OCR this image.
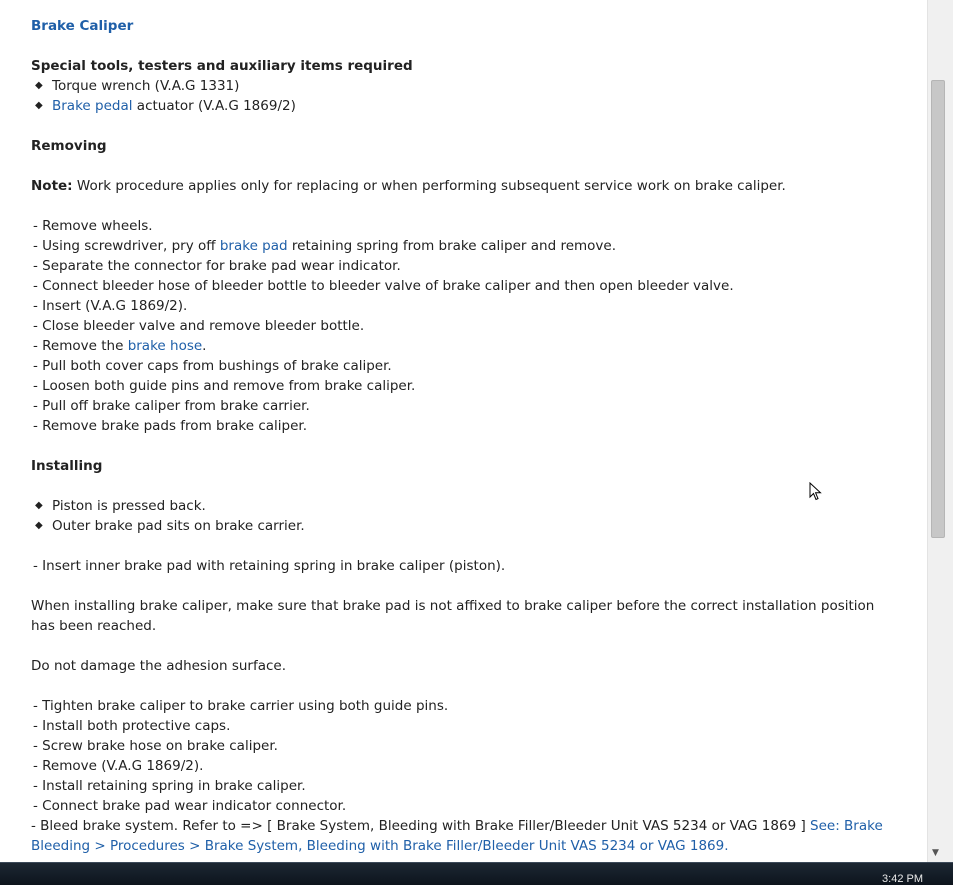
Brake Caliper
Special tools, testers and auxiliary items required
◆ Torque wrench (V.A.G 1331)
◆ Brake pedal actuator (V.A.G 1869/2)
Removing
Note: Work procedure applies only for replacing or when performing subsequent service work on brake caliper.
- Remove wheels.
- Using screwdriver, pry off brake pad retaining spring from brake caliper and remove.
- Separate the connector for brake pad wear indicator.
- Connect bleeder hose of bleeder bottle to bleeder valve of brake caliper and then open bleeder valve.
- Insert (V.A.G 1869/2).
- Close bleeder valve and remove bleeder bottle.
- Remove the brake hose.
- Pull both cover caps from bushings of brake caliper.
- Loosen both guide pins and remove from brake caliper.
- Pull off brake caliper from brake carrier.
- Remove brake pads from brake caliper.
Installing
◆ Piston is pressed back.
◆ Outer brake pad sits on brake carrier.
- Insert inner brake pad with retaining spring in brake caliper (piston).
When installing brake caliper, make sure that brake pad is not affixed to brake caliper before the correct installation position has been reached.
Do not damage the adhesion surface.
- Tighten brake caliper to brake carrier using both guide pins.
- Install both protective caps.
- Screw brake hose on brake caliper.
- Remove (V.A.G 1869/2).
- Install retaining spring in brake caliper.
- Connect brake pad wear indicator connector.
- Bleed brake system. Refer to => [ Brake System, Bleeding with Brake Filler/Bleeder Unit VAS 5234 or VAG 1869 ] See: Brake Bleeding > Procedures > Brake System, Bleeding with Brake Filler/Bleeder Unit VAS 5234 or VAG 1869.	▼
3:42 PM
